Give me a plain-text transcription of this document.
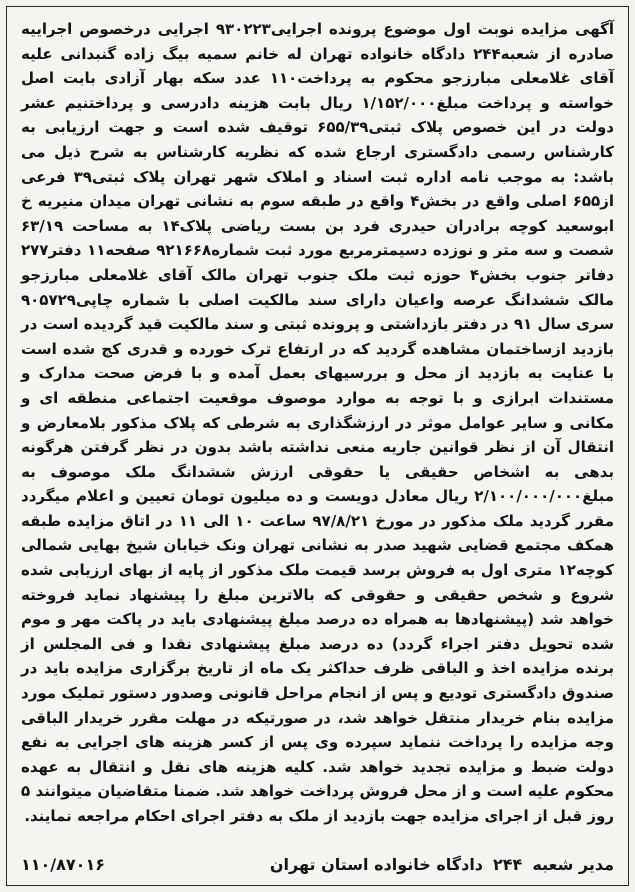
آگهی مزایده نوبت اول موضوع پرونده اجرایی۹۳۰۲۲۳ اجرایی درخصوص اجراییه صادره از شعبه۲۴۴ دادگاه خانواده تهران له خانم سمیه بیگ زاده گنبدانی علیه آقای غلامعلی مبارزجو محکوم به پرداخت۱۱۰ عدد سکه بهار آزادی بابت اصل خواسته و پرداخت مبلغ۱/۱۵۲/۰۰۰ ریال بابت هزینه دادرسی و پرداختنیم عشر دولت در این خصوص پلاک ثبتی۶۵۵/۳۹ توقیف شده است و جهت ارزیابی به کارشناس رسمی دادگستری ارجاع شده که نظریه کارشناس به شرح ذیل می باشد: به موجب نامه اداره ثبت اسناد و املاک شهر تهران پلاک ثبتی۳۹ فرعی از۶۵۵ اصلی واقع در بخش۴ واقع در طبقه سوم به نشانی تهران میدان منیریه خ ابوسعید کوچه برادران حیدری فرد بن بست ریاضی پلاک۱۴ به مساحت ۶۳/۱۹ شصت و سه متر و نوزده دسیمترمربع مورد ثبت شماره۹۲۱۶۶۸ صفحه۱۱ دفتر۲۷۷ دفاتر جنوب بخش۴ حوزه ثبت ملک جنوب تهران مالک آقای غلامعلی مبارزجو مالک ششدانگ عرصه واعیان دارای سند مالکیت اصلی با شماره چاپی۹۰۵۷۲۹ سری سال ۹۱ در دفتر بازداشتی و پرونده ثبتی و سند مالکیت قید گردیده است در بازدید ازساختمان مشاهده گردید که در ارتفاع ترک خورده و قدری کج شده است با عنایت به بازدید از محل و بررسیهای بعمل آمده و با فرض صحت مدارک و مستندات ابرازی و با توجه به موارد موصوف موقعیت اجتماعی منطقه ای و مکانی و سایر عوامل موثر در ارزشگذاری به شرطی که پلاک مذکور بلامعارض و انتقال آن از نظر قوانین جاریه منعی نداشته باشد بدون در نظر گرفتن هرگونه بدهی به اشخاص حقیقی یا حقوقی ارزش ششدانگ ملک موصوف به مبلغ۲/۱۰۰/۰۰۰/۰۰۰ ریال معادل دویست و ده میلیون تومان تعیین و اعلام میگردد مقرر گردید ملک مذکور در مورخ ۹۷/۸/۲۱ ساعت ۱۰ الی ۱۱ در اتاق مزایده طبقه همکف مجتمع قضایی شهید صدر به نشانی تهران ونک خیابان شیخ بهایی شمالی کوچه۱۲ متری اول به فروش برسد قیمت ملک مذکور از پایه از بهای ارزیابی شده شروع و شخص حقیقی و حقوقی که بالاترین مبلغ را پیشنهاد نماید فروخته خواهد شد (پیشنهادها به همراه ده درصد مبلغ پیشنهادی باید در پاکت مهر و موم شده تحویل دفتر اجراء گردد) ده درصد مبلغ پیشنهادی نقدا و فی المجلس از برنده مزایده اخذ و الباقی ظرف حداکثر یک ماه از تاریخ برگزاری مزایده باید در صندوق دادگستری تودیع و پس از انجام مراحل قانونی وصدور دستور تملیک مورد مزایده بنام خریدار منتقل خواهد شد، در صورتیکه در مهلت مقرر خریدار الباقی وجه مزایده را پرداخت ننماید سپرده وی پس از کسر هزینه های اجرایی به نفع دولت ضبط و مزایده تجدید خواهد شد. کلیه هزینه های نقل و انتقال به عهده محکوم علیه است و از محل فروش پرداخت خواهد شد. ضمنا متقاضیان میتوانند ۵ روز قبل از اجرای مزایده جهت بازدید از ملک به دفتر اجرای احکام مراجعه نمایند.

مدیر شعبه۲۴۴دادگاه خانواده استان تهران
۱۱۰/۸۷۰۱۶
